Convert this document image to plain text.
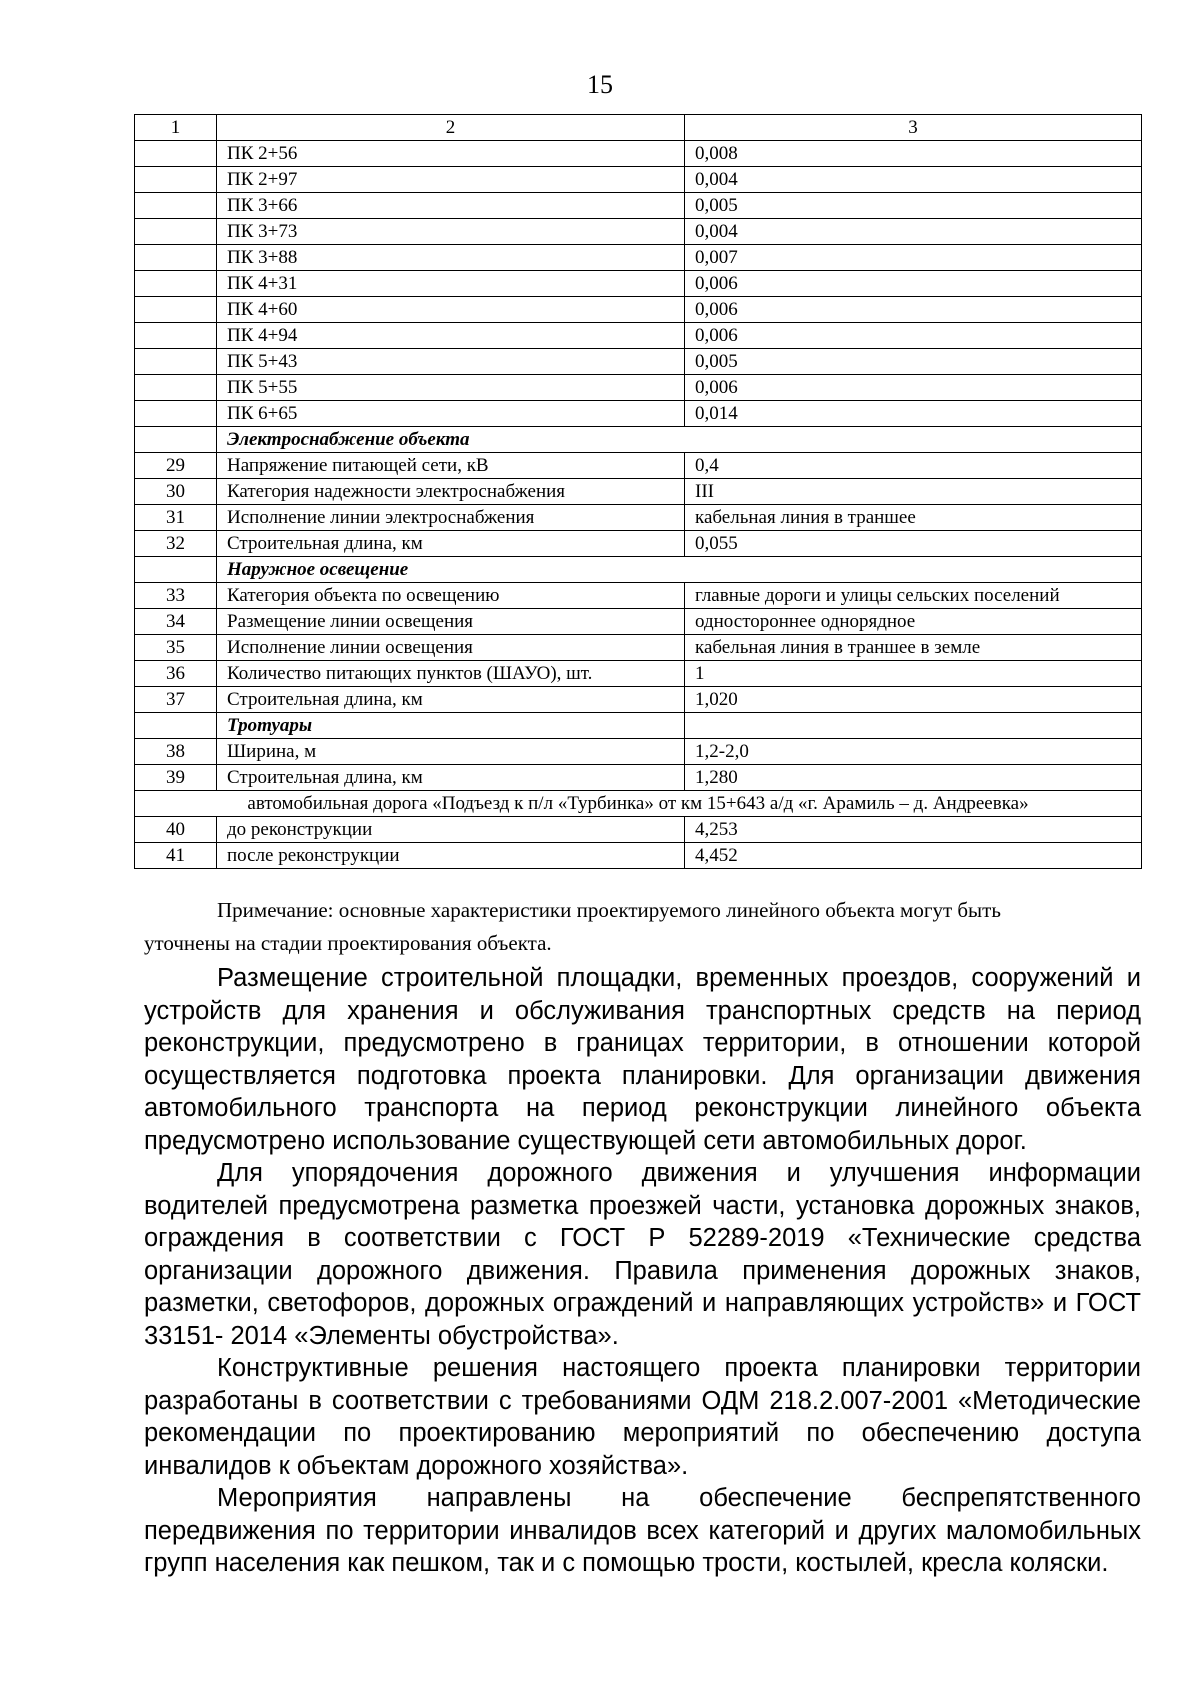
15
1	2	3
	ПК 2+56	0,008
	ПК 2+97	0,004
	ПК 3+66	0,005
	ПК 3+73	0,004
	ПК 3+88	0,007
	ПК 4+31	0,006
	ПК 4+60	0,006
	ПК 4+94	0,006
	ПК 5+43	0,005
	ПК 5+55	0,006
	ПК 6+65	0,014
	Электроснабжение объекта	
29	Напряжение питающей сети, кВ	0,4
30	Категория надежности электроснабжения	III
31	Исполнение линии электроснабжения	кабельная линия в траншее
32	Строительная длина, км	0,055
	Наружное освещение	
33	Категория объекта по освещению	главные дороги и улицы сельских поселений
34	Размещение линии освещения	одностороннее однорядное
35	Исполнение линии освещения	кабельная линия в траншее в земле
36	Количество питающих пунктов (ШАУО), шт.	1
37	Строительная длина, км	1,020
	Тротуары	
38	Ширина, м	1,2-2,0
39	Строительная длина, км	1,280
автомобильная дорога «Подъезд к п/л «Турбинка» от км 15+643 а/д «г. Арамиль – д. Андреевка»		
40	до реконструкции	4,253
41	после реконструкции	4,452

Примечание: основные характеристики проектируемого линейного объекта могут быть

уточнены на стадии проектирования объекта.

Размещение строительной площадки, временных проездов, сооружений и устройств для хранения и обслуживания транспортных средств на период реконструкции, предусмотрено в границах территории, в отношении которой осуществляется подготовка проекта планировки. Для организации движения автомобильного транспорта на период реконструкции линейного объекта предусмотрено использование существующей сети автомобильных дорог.

Для упорядочения дорожного движения и улучшения информации водителей предусмотрена разметка проезжей части, установка дорожных знаков, ограждения в соответствии с ГОСТ Р 52289-2019 «Технические средства организации дорожного движения. Правила применения дорожных знаков, разметки, светофоров, дорожных ограждений и направляющих устройств» и ГОСТ 33151- 2014 «Элементы обустройства».

Конструктивные решения настоящего проекта планировки территории разработаны в соответствии с требованиями ОДМ 218.2.007-2001 «Методические рекомендации по проектированию мероприятий по обеспечению доступа инвалидов к объектам дорожного хозяйства».

Мероприятия направлены на обеспечение беспрепятственного передвижения по территории инвалидов всех категорий и других маломобильных групп населения как пешком, так и с помощью трости, костылей, кресла коляски.
